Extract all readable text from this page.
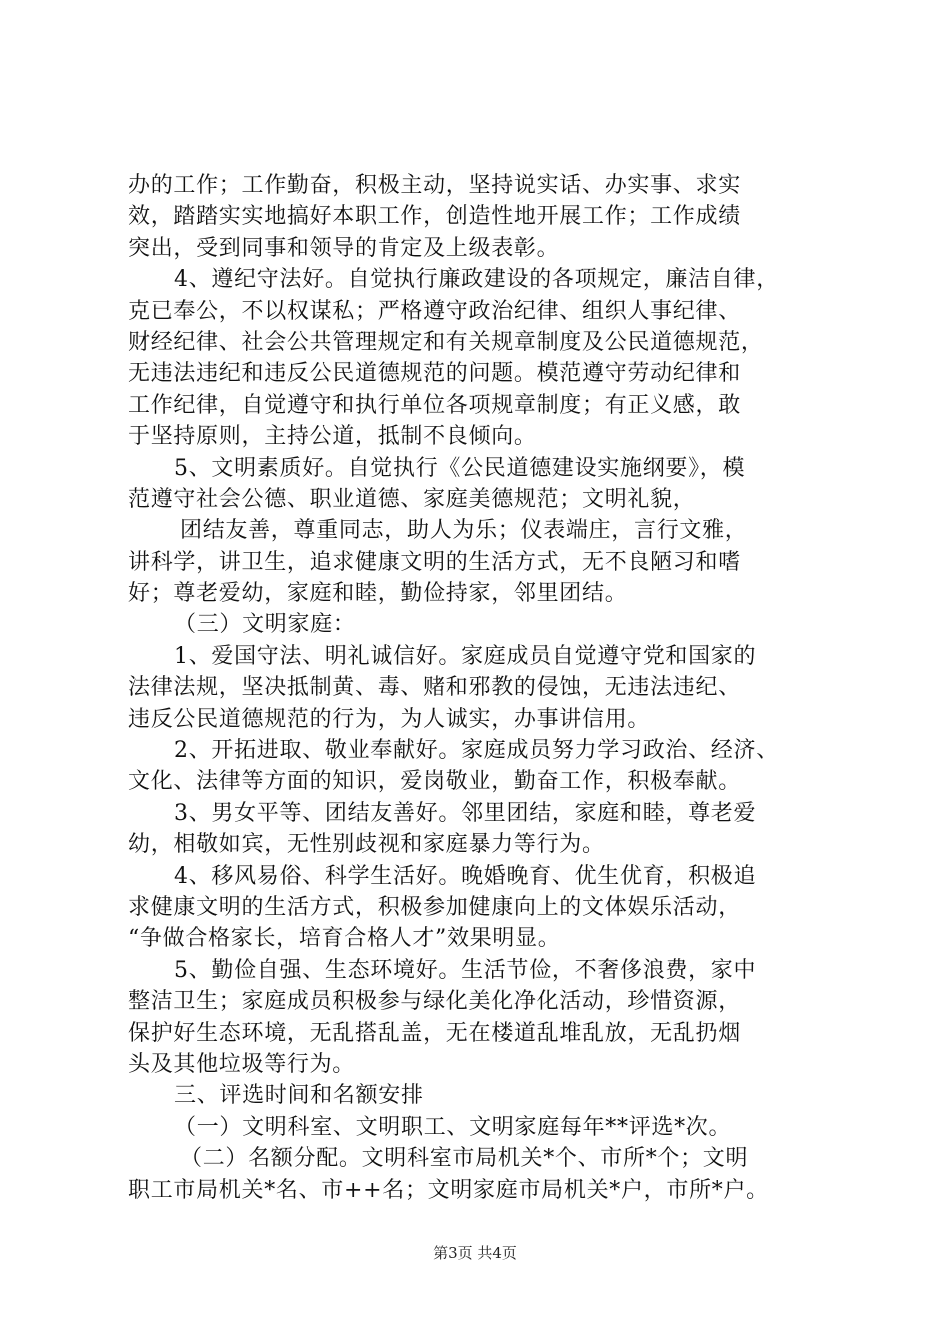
办的工作；工作勤奋，积极主动，坚持说实话、办实事、求实
效，踏踏实实地搞好本职工作，创造性地开展工作；工作成绩
突出，受到同事和领导的肯定及上级表彰。
4、遵纪守法好。自觉执行廉政建设的各项规定，廉洁自律，
克已奉公，不以权谋私；严格遵守政治纪律、组织人事纪律、
财经纪律、社会公共管理规定和有关规章制度及公民道德规范，
无违法违纪和违反公民道德规范的问题。模范遵守劳动纪律和
工作纪律，自觉遵守和执行单位各项规章制度；有正义感，敢
于坚持原则，主持公道，抵制不良倾向。
5、文明素质好。自觉执行《公民道德建设实施纲要》，模
范遵守社会公德、职业道德、家庭美德规范；文明礼貌，
团结友善，尊重同志，助人为乐；仪表端庄，言行文雅，
讲科学，讲卫生，追求健康文明的生活方式，无不良陋习和嗜
好；尊老爱幼，家庭和睦，勤俭持家，邻里团结。
（三）文明家庭：
1、爱国守法、明礼诚信好。家庭成员自觉遵守党和国家的
法律法规，坚决抵制黄、毒、赌和邪教的侵蚀，无违法违纪、
违反公民道德规范的行为，为人诚实，办事讲信用。
2、开拓进取、敬业奉献好。家庭成员努力学习政治、经济、
文化、法律等方面的知识，爱岗敬业，勤奋工作，积极奉献。
3、男女平等、团结友善好。邻里团结，家庭和睦，尊老爱
幼，相敬如宾，无性别歧视和家庭暴力等行为。
4、移风易俗、科学生活好。晚婚晚育、优生优育，积极追
求健康文明的生活方式，积极参加健康向上的文体娱乐活动，
“争做合格家长，培育合格人才”效果明显。
5、勤俭自强、生态环境好。生活节俭，不奢侈浪费，家中
整洁卫生；家庭成员积极参与绿化美化净化活动，珍惜资源，
保护好生态环境，无乱搭乱盖，无在楼道乱堆乱放，无乱扔烟
头及其他垃圾等行为。
三、评选时间和名额安排
（一）文明科室、文明职工、文明家庭每年**评选*次。
（二）名额分配。文明科室市局机关*个、市所*个；文明
职工市局机关*名、市++名；文明家庭市局机关*户，市所*户。
第3页 共4页
